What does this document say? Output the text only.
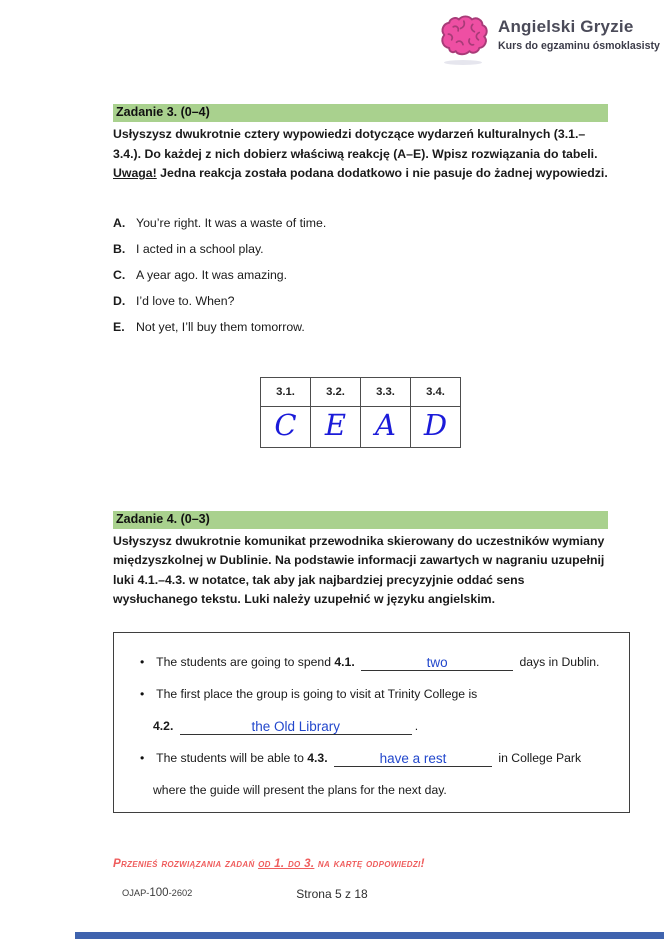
Angielski Gryzie
Kurs do egzaminu ósmoklasisty
Zadanie 3. (0–4)

Usłyszysz dwukrotnie cztery wypowiedzi dotyczące wydarzeń kulturalnych (3.1.–3.4.). Do każdej z nich dobierz właściwą reakcję (A–E). Wpisz rozwiązania do tabeli.
Uwaga! Jedna reakcja została podana dodatkowo i nie pasuje do żadnej wypowiedzi.

A. You’re right. It was a waste of time.
B. I acted in a school play.
C. A year ago. It was amazing.
D. I’d love to. When?
E. Not yet, I’ll buy them tomorrow.
3.1.	3.2.	3.3.	3.4.
C	E	A	D
Zadanie 4. (0–3)

Usłyszysz dwukrotnie komunikat przewodnika skierowany do uczestników wymiany międzyszkolnej w Dublinie. Na podstawie informacji zawartych w nagraniu uzupełnij luki 4.1.–4.3. w notatce, tak aby jak najbardziej precyzyjnie oddać sens wysłuchanego tekstu. Luki należy uzupełnić w języku angielskim.

• The students are going to spend 4.1.	two	days in Dublin.
• The first place the group is going to visit at Trinity College is
4.2.	the Old Library	.
• The students will be able to 4.3.	have a rest	in College Park
where the guide will present the plans for the next day.
Przenieś rozwiązania zadań od 1. do 3. na kartę odpowiedzi!
OJAP-100-2602	Strona 5 z 18
